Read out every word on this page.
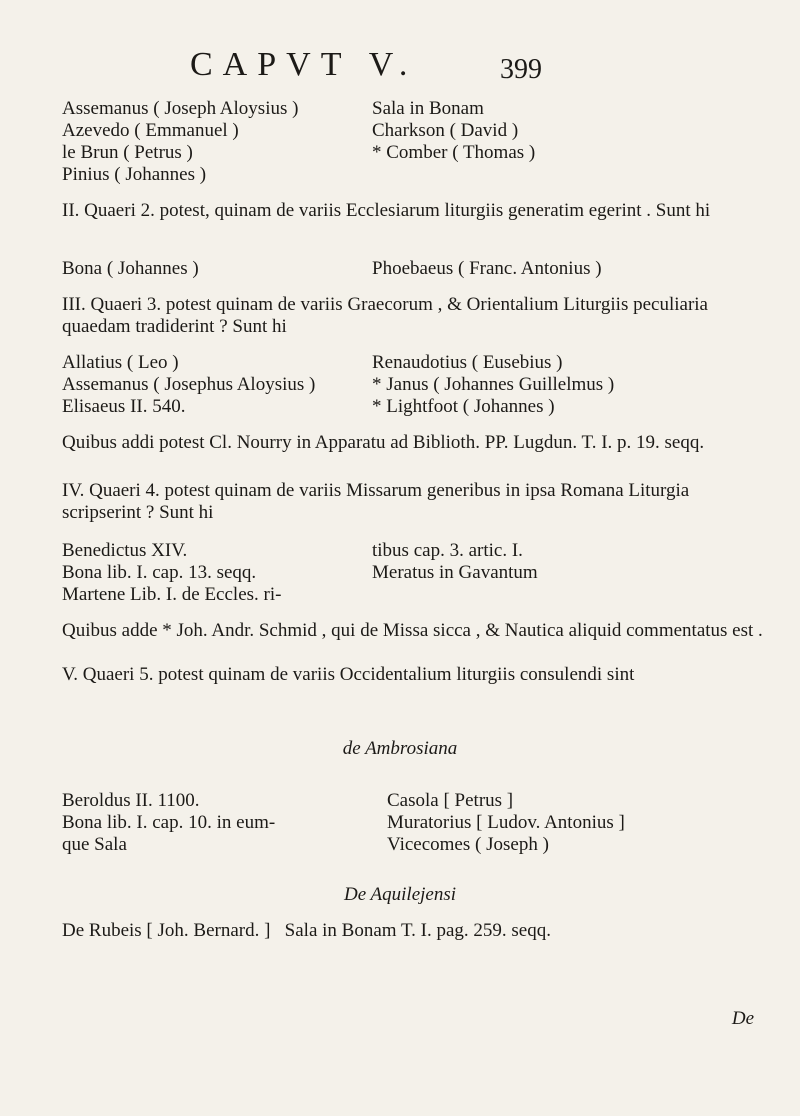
CAPVT V.	399
Assemanus ( Joseph Aloysius )	Sala in Bonam
Azevedo ( Emmanuel )	Charkson ( David )
le Brun ( Petrus )	* Comber ( Thomas )
Pinius ( Johannes )

II. Quaeri 2. potest, quinam de variis Ecclesiarum liturgiis generatim egerint . Sunt hi

Bona ( Johannes )	Phoebaeus ( Franc. Antonius )

III. Quaeri 3. potest quinam de variis Graecorum , & Orientalium Liturgiis peculiaria quaedam tradiderint ? Sunt hi

Allatius ( Leo )	Renaudotius ( Eusebius )
Assemanus ( Josephus Aloysius )	* Janus ( Johannes Guillelmus )
Elisaeus II. 540.	* Lightfoot ( Johannes )

Quibus addi potest Cl. Nourry in Apparatu ad Biblioth. PP. Lugdun. T. I. p. 19. seqq.

IV. Quaeri 4. potest quinam de variis Missarum generibus in ipsa Romana Liturgia scripserint ? Sunt hi

Benedictus XIV.	tibus cap. 3. artic. I.
Bona lib. I. cap. 13. seqq.	Meratus in Gavantum
Martene Lib. I. de Eccles. ri-

Quibus adde * Joh. Andr. Schmid , qui de Missa sicca , & Nautica aliquid commentatus est .

V. Quaeri 5. potest quinam de variis Occidentalium liturgiis consulendi sint

de Ambrosiana
Beroldus II. 1100.	Casola [ Petrus ]
Bona lib. I. cap. 10. in eum-	Muratorius [ Ludov. Antonius ]
que Sala	Vicecomes ( Joseph )
De Aquilejensi

De Rubeis [ Joh. Bernard. ]   Sala in Bonam T. I. pag. 259. seqq.

De
